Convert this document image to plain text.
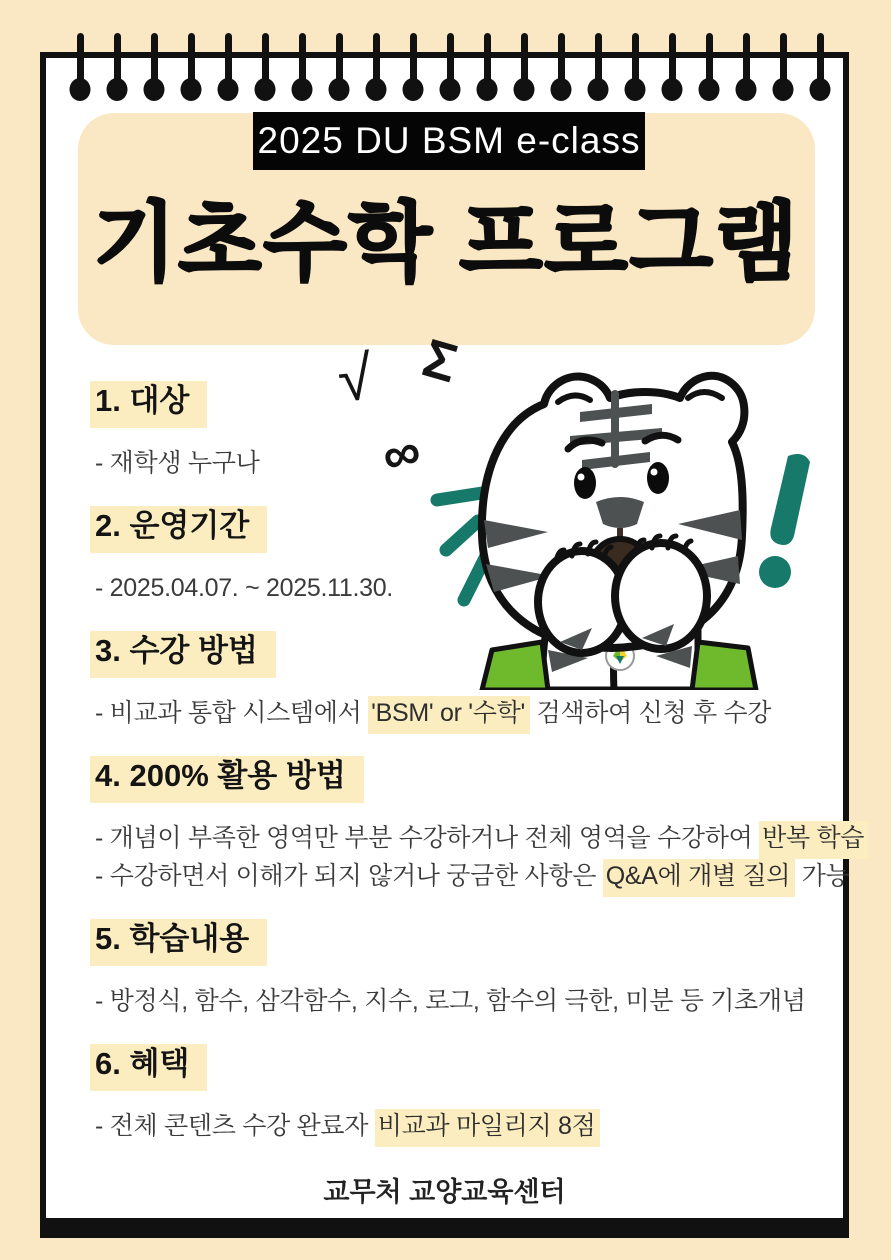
2025 DU BSM e-class
기초수학 프로그램
√ Σ
∞
1. 대상

- 재학생 누구나

2. 운영기간

- 2025.04.07. ~ 2025.11.30.

3. 수강 방법

- 비교과 통합 시스템에서 'BSM' or '수학' 검색하여 신청 후 수강

4. 200% 활용 방법

- 개념이 부족한 영역만 부분 수강하거나 전체 영역을 수강하여 반복 학습

- 수강하면서 이해가 되지 않거나 궁금한 사항은 Q&A에 개별 질의 가능

5. 학습내용

- 방정식, 함수, 삼각함수, 지수, 로그, 함수의 극한, 미분 등 기초개념

6. 혜택

- 전체 콘텐츠 수강 완료자 비교과 마일리지 8점

교무처 교양교육센터
